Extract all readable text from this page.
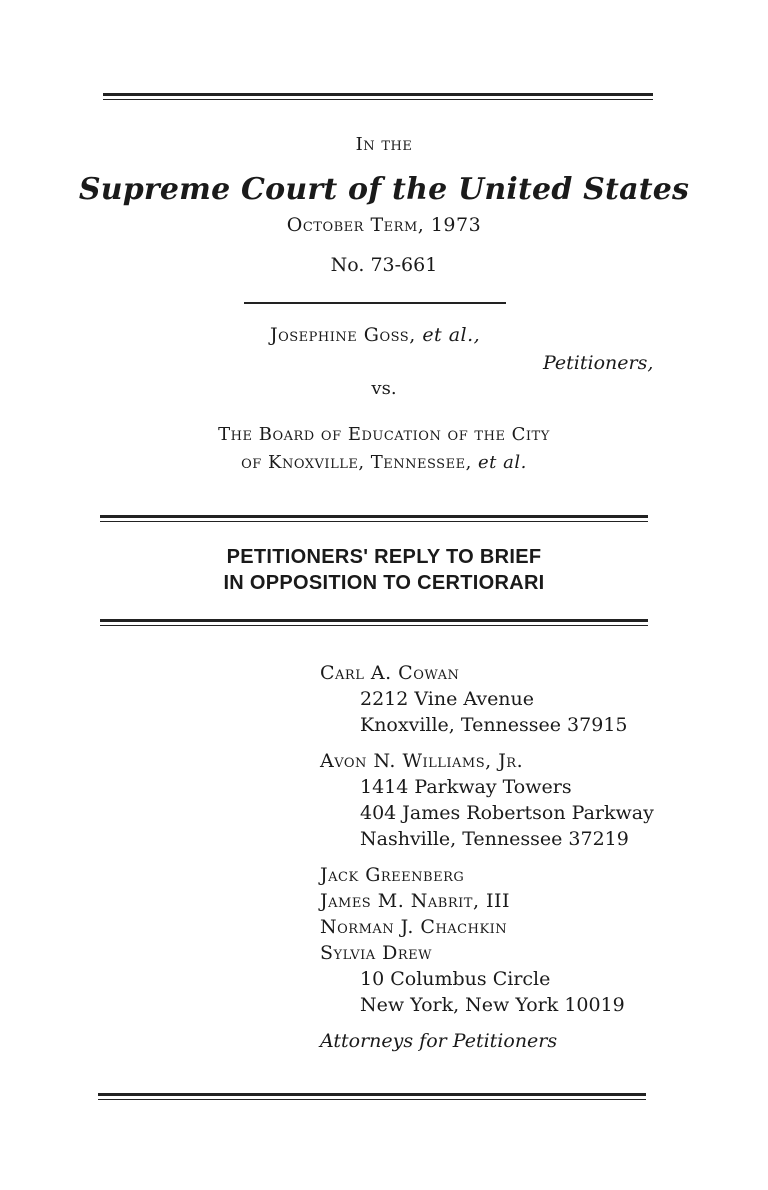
In the
Supreme Court of the United States
October Term, 1973
No. 73-661
Josephine Goss, et al.,
Petitioners,
vs.
The Board of Education of the City
of Knoxville, Tennessee, et al.
PETITIONERS' REPLY TO BRIEF
IN OPPOSITION TO CERTIORARI
Carl A. Cowan
2212 Vine Avenue
Knoxville, Tennessee 37915
Avon N. Williams, Jr.
1414 Parkway Towers
404 James Robertson Parkway
Nashville, Tennessee 37219
Jack Greenberg
James M. Nabrit, III
Norman J. Chachkin
Sylvia Drew
10 Columbus Circle
New York, New York 10019
Attorneys for Petitioners
